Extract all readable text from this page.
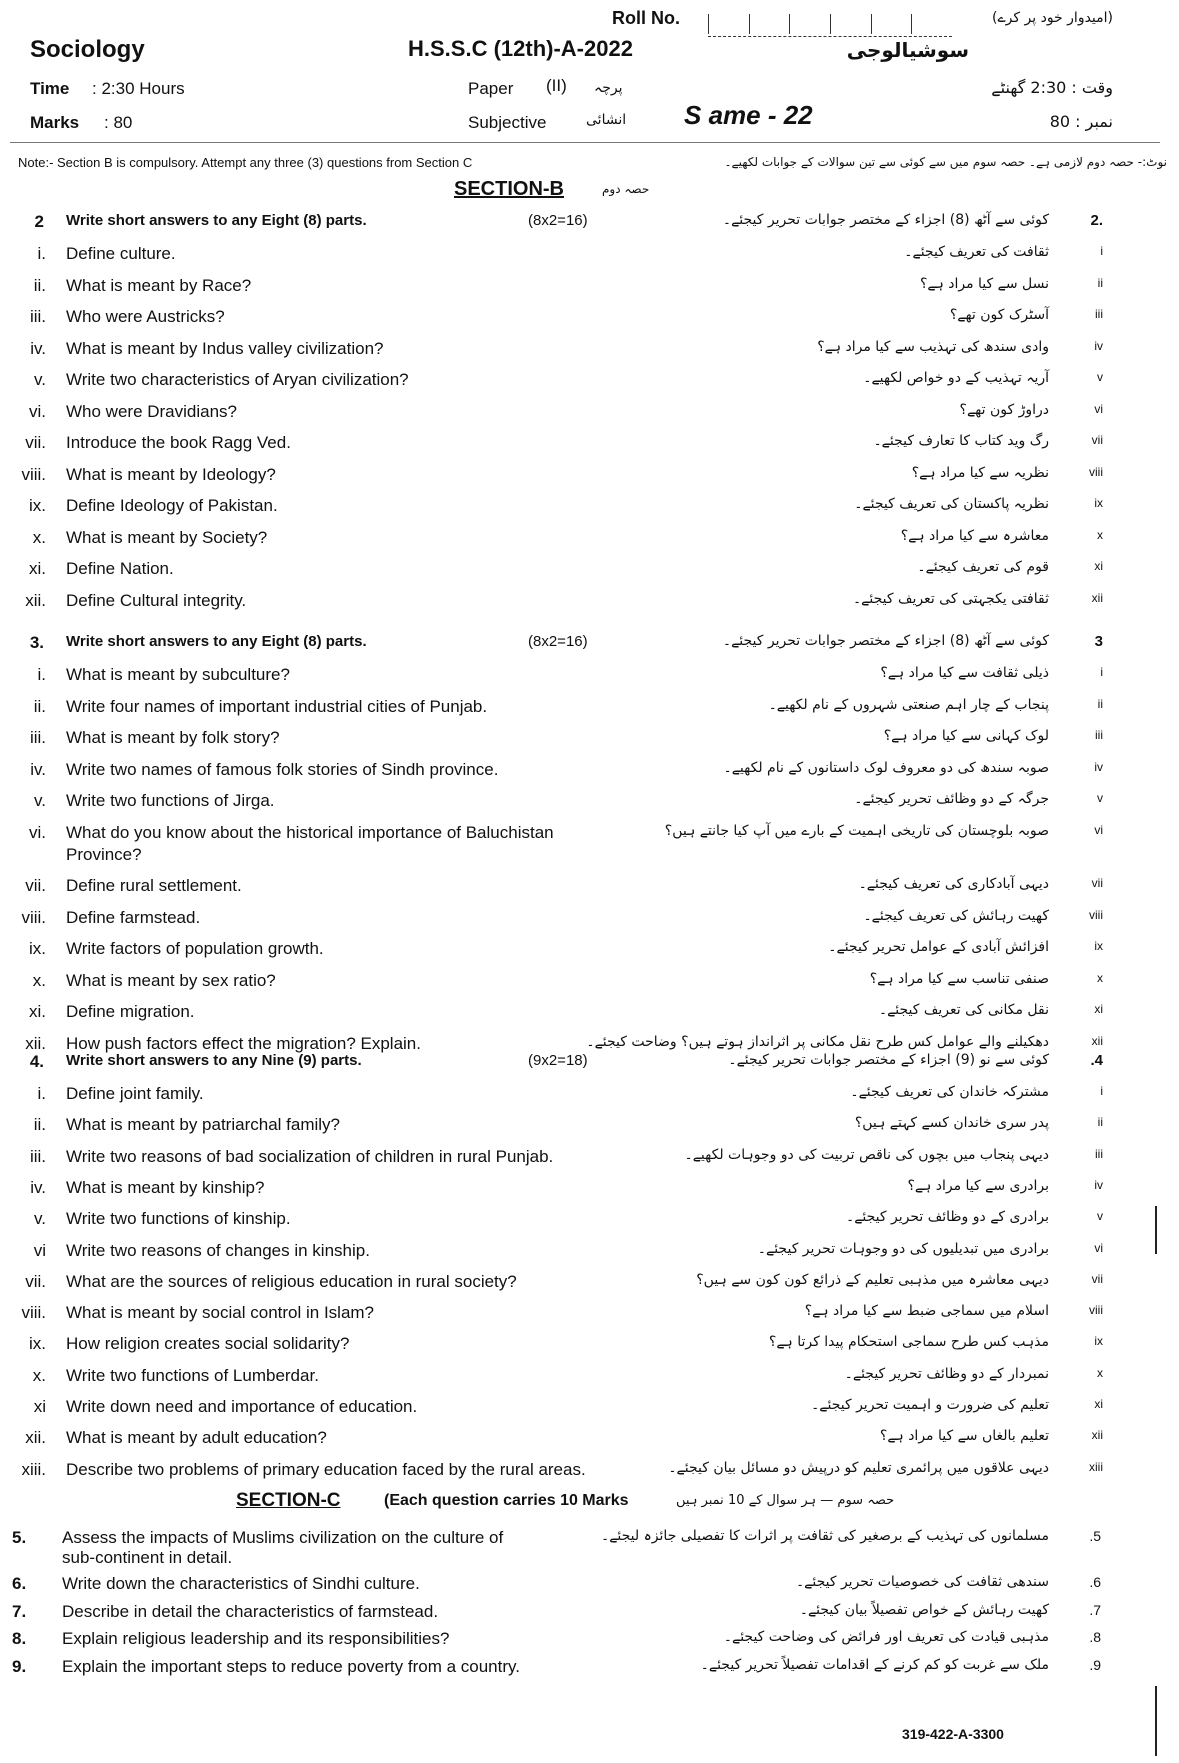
Roll No.	(امیدوار خود پر کرے)
Sociology	H.S.S.C (12th)-A-2022	سوشیالوجی
Time : 2:30 Hours	Paper (II) پرچہ	وقت : 2:30 گھنٹے
Marks : 80	Subjective	انشائی S ame - 22	نمبر : 80
Note:- Section B is compulsory. Attempt any three (3) questions from Section C	نوٹ:- حصہ دوم لازمی ہے۔ حصہ سوم میں سے کوئی سے تین سوالات کے جوابات لکھیے۔
SECTION-B	حصہ دوم
2 Write short answers to any Eight (8) parts.	(8x2=16)	کوئی سے آٹھ (8) اجزاء کے مختصر جوابات تحریر کیجئے۔	2.
i. Define culture.	ثقافت کی تعریف کیجئے۔	i
ii. What is meant by Race?	نسل سے کیا مراد ہے؟	ii
iii. Who were Austricks?	آسٹرک کون تھے؟	iii
iv. What is meant by Indus valley civilization?	وادی سندھ کی تہذیب سے کیا مراد ہے؟	iv
v. Write two characteristics of Aryan civilization?	آریہ تہذیب کے دو خواص لکھیے۔	v
vi. Who were Dravidians?	دراوڑ کون تھے؟	vi
vii. Introduce the book Ragg Ved.	رگ وید کتاب کا تعارف کیجئے۔	vii
viii. What is meant by Ideology?	نظریہ سے کیا مراد ہے؟	viii
ix. Define Ideology of Pakistan.	نظریہ پاکستان کی تعریف کیجئے۔	ix
x. What is meant by Society?	معاشرہ سے کیا مراد ہے؟	x
xi. Define Nation.	قوم کی تعریف کیجئے۔	xi
xii. Define Cultural integrity.	ثقافتی یکجہتی کی تعریف کیجئے۔	xii
3. Write short answers to any Eight (8) parts.	(8x2=16)	کوئی سے آٹھ (8) اجزاء کے مختصر جوابات تحریر کیجئے۔	3
i. What is meant by subculture?	ذیلی ثقافت سے کیا مراد ہے؟	i
ii. Write four names of important industrial cities of Punjab.	پنجاب کے چار اہم صنعتی شہروں کے نام لکھیے۔	ii
iii. What is meant by folk story?	لوک کہانی سے کیا مراد ہے؟	iii
iv. Write two names of famous folk stories of Sindh province.	صوبہ سندھ کی دو معروف لوک داستانوں کے نام لکھیے۔	iv
v. Write two functions of Jirga.	جرگہ کے دو وظائف تحریر کیجئے۔	v
vi. What do you know about the historical importance of Baluchistan	صوبہ بلوچستان کی تاریخی اہمیت کے بارے میں آپ کیا جانتے ہیں؟	vi
Province?
vii. Define rural settlement.	دیہی آبادکاری کی تعریف کیجئے۔	vii
viii. Define farmstead.	کھیت رہائش کی تعریف کیجئے۔	viii
ix. Write factors of population growth.	افزائش آبادی کے عوامل تحریر کیجئے۔	ix
x. What is meant by sex ratio?	صنفی تناسب سے کیا مراد ہے؟	x
xi. Define migration.	نقل مکانی کی تعریف کیجئے۔	xi
xii. How push factors effect the migration? Explain.	دھکیلنے والے عوامل کس طرح نقل مکانی پر اثرانداز ہوتے ہیں؟ وضاحت کیجئے۔	xii
4. Write short answers to any Nine (9) parts.	(9x2=18)	کوئی سے نو (9) اجزاء کے مختصر جوابات تحریر کیجئے۔	.4
i. Define joint family.	مشترکہ خاندان کی تعریف کیجئے۔	i
ii. What is meant by patriarchal family?	پدر سری خاندان کسے کہتے ہیں؟	ii
iii. Write two reasons of bad socialization of children in rural Punjab.	دیہی پنجاب میں بچوں کی ناقص تربیت کی دو وجوہات لکھیے۔	iii
iv. What is meant by kinship?	برادری سے کیا مراد ہے؟	iv
v. Write two functions of kinship.	برادری کے دو وظائف تحریر کیجئے۔	v
vi Write two reasons of changes in kinship.	برادری میں تبدیلیوں کی دو وجوہات تحریر کیجئے۔	vi
vii. What are the sources of religious education in rural society?	دیہی معاشرہ میں مذہبی تعلیم کے ذرائع کون کون سے ہیں؟	vii
viii. What is meant by social control in Islam?	اسلام میں سماجی ضبط سے کیا مراد ہے؟	viii
ix. How religion creates social solidarity?	مذہب کس طرح سماجی استحکام پیدا کرتا ہے؟	ix
x. Write two functions of Lumberdar.	نمبردار کے دو وظائف تحریر کیجئے۔	x
xi Write down need and importance of education.	تعلیم کی ضرورت و اہمیت تحریر کیجئے۔	xi
xii. What is meant by adult education?	تعلیم بالغاں سے کیا مراد ہے؟	xii
xiii. Describe two problems of primary education faced by the rural areas.	دیہی علاقوں میں پرائمری تعلیم کو درپیش دو مسائل بیان کیجئے۔	xiii
SECTION-C	(Each question carries 10 Marks	حصہ سوم — ہر سوال کے 10 نمبر ہیں
5. Assess the impacts of Muslims civilization on the culture of	مسلمانوں کی تہذیب کے برصغیر کی ثقافت پر اثرات کا تفصیلی جائزہ لیجئے۔	.5
sub-continent in detail.
6. Write down the characteristics of Sindhi culture.	سندھی ثقافت کی خصوصیات تحریر کیجئے۔	.6
7. Describe in detail the characteristics of farmstead.	کھیت رہائش کے خواص تفصیلاً بیان کیجئے۔	.7
8. Explain religious leadership and its responsibilities?	مذہبی قیادت کی تعریف اور فرائض کی وضاحت کیجئے۔	.8
9. Explain the important steps to reduce poverty from a country.	ملک سے غربت کو کم کرنے کے اقدامات تفصیلاً تحریر کیجئے۔	.9
319-422-A-3300
